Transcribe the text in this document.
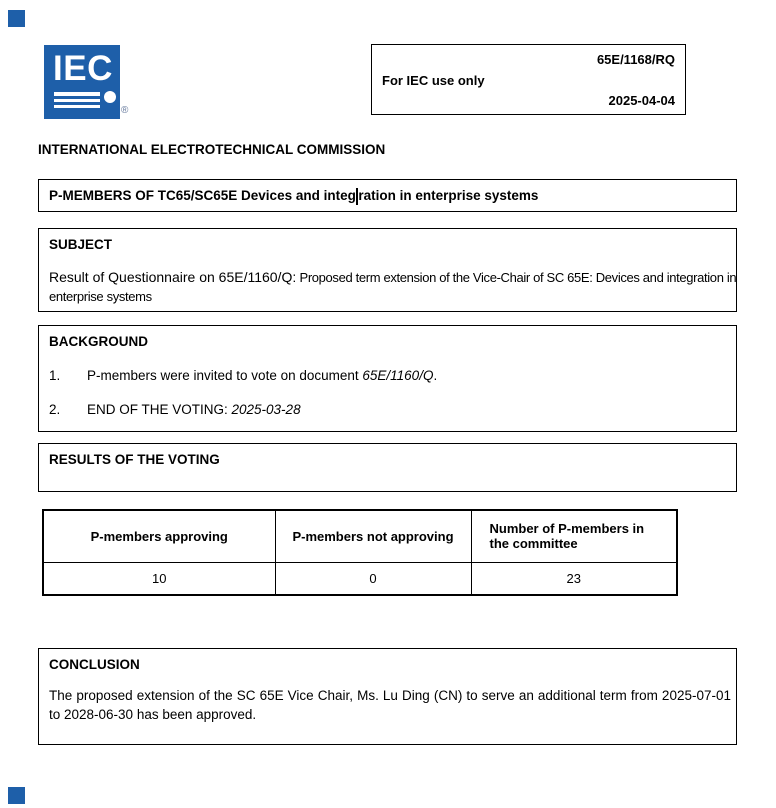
IEC
®
65E/1168/RQ
For IEC use only
2025-04-04
INTERNATIONAL ELECTROTECHNICAL COMMISSION
P-MEMBERS OF TC65/SC65E Devices and integ ration in enterprise systems
SUBJECT
Result of Questionnaire on 65E/1160/Q: Proposed term extension of the Vice-Chair of SC 65E: Devices and integration in enterprise systems
BACKGROUND
1.	P-members were invited to vote on document 65E/1160/Q.
2.	END OF THE VOTING: 2025-03-28
RESULTS OF THE VOTING
P-members approving	P-members not approving	Number of P-members in the committee
10	0	23
CONCLUSION
The proposed extension of the SC 65E Vice Chair, Ms. Lu Ding (CN) to serve an additional term from 2025-07-01 to 2028-06-30 has been approved.
